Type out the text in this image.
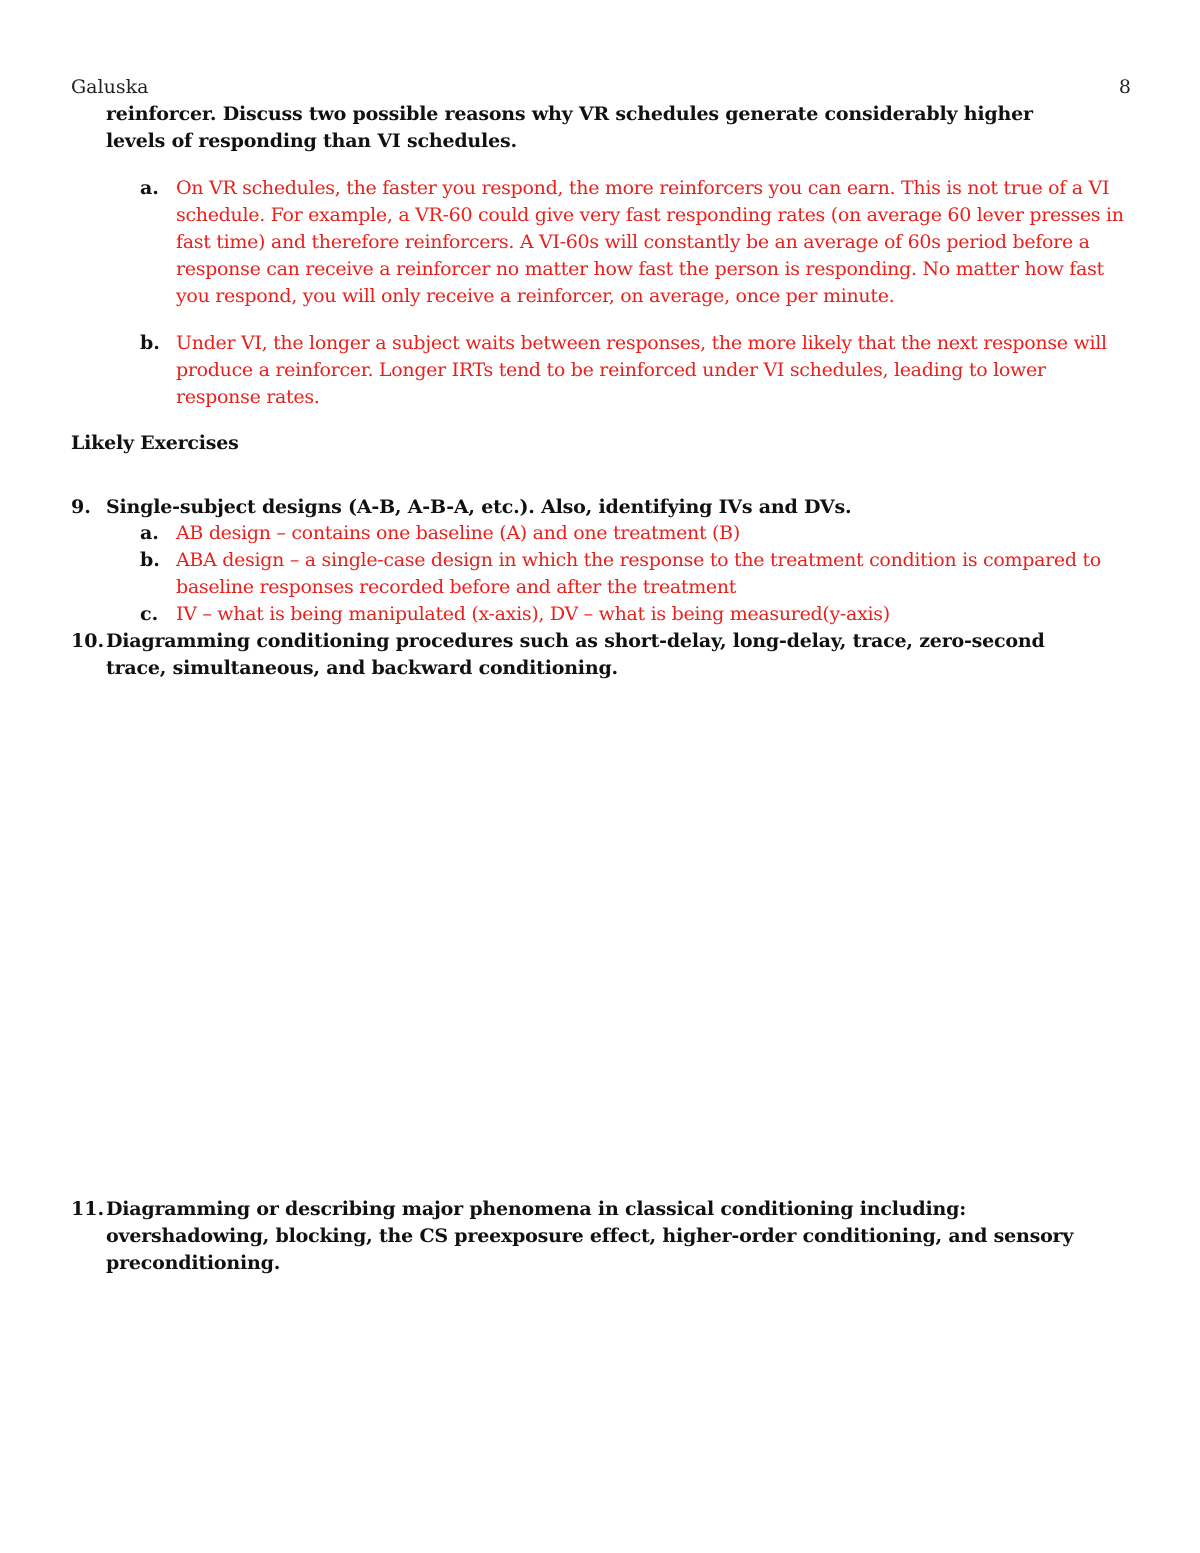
Galuska	8
reinforcer. Discuss two possible reasons why VR schedules generate considerably higher levels of responding than VI schedules.
a. On VR schedules, the faster you respond, the more reinforcers you can earn. This is not true of a VI schedule. For example, a VR-60 could give very fast responding rates (on average 60 lever presses in fast time) and therefore reinforcers. A VI-60s will constantly be an average of 60s period before a response can receive a reinforcer no matter how fast the person is responding. No matter how fast you respond, you will only receive a reinforcer, on average, once per minute.
b. Under VI, the longer a subject waits between responses, the more likely that the next response will produce a reinforcer. Longer IRTs tend to be reinforced under VI schedules, leading to lower response rates.
Likely Exercises
9. Single-subject designs (A-B, A-B-A, etc.). Also, identifying IVs and DVs.
a. AB design – contains one baseline (A) and one treatment (B)
b. ABA design – a single-case design in which the response to the treatment condition is compared to baseline responses recorded before and after the treatment
c. IV – what is being manipulated (x-axis), DV – what is being measured(y-axis)
10. Diagramming conditioning procedures such as short-delay, long-delay, trace, zero-second trace, simultaneous, and backward conditioning.
11. Diagramming or describing major phenomena in classical conditioning including: overshadowing, blocking, the CS preexposure effect, higher-order conditioning, and sensory preconditioning.
